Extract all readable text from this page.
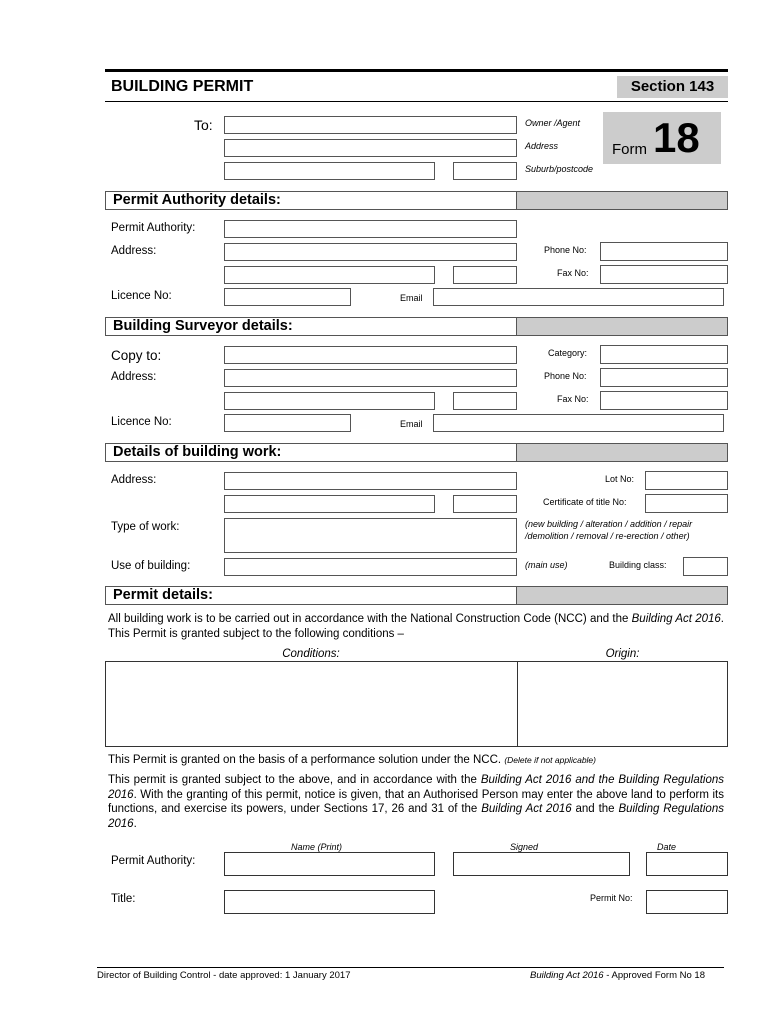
BUILDING PERMIT	Section 143
To:	Owner /Agent
Address
Suburb/postcode
Form 18
Permit Authority details:
Permit Authority:
Address:	Phone No:
Fax No:
Licence No:	Email
Building Surveyor details:
Copy to:	Category:
Address:	Phone No:
Fax No:
Licence No:	Email
Details of building work:
Address:	Lot No:
Certificate of title No:
Type of work:	(new building / alteration / addition / repair /demolition / removal / re-erection / other)
Use of building:	(main use)	Building class:
Permit details:
All building work is to be carried out in accordance with the National Construction Code (NCC) and the Building Act 2016. This Permit is granted subject to the following conditions –
Conditions:	Origin:
This Permit is granted on the basis of a performance solution under the NCC. (Delete if not applicable)
This permit is granted subject to the above, and in accordance with the Building Act 2016 and the Building Regulations 2016. With the granting of this permit, notice is given, that an Authorised Person may enter the above land to perform its functions, and exercise its powers, under Sections 17, 26 and 31 of the Building Act 2016 and the Building Regulations 2016.
Name (Print)	Signed	Date
Permit Authority:
Title:	Permit No:
Director of Building Control - date approved: 1 January 2017	Building Act 2016 - Approved Form No 18
